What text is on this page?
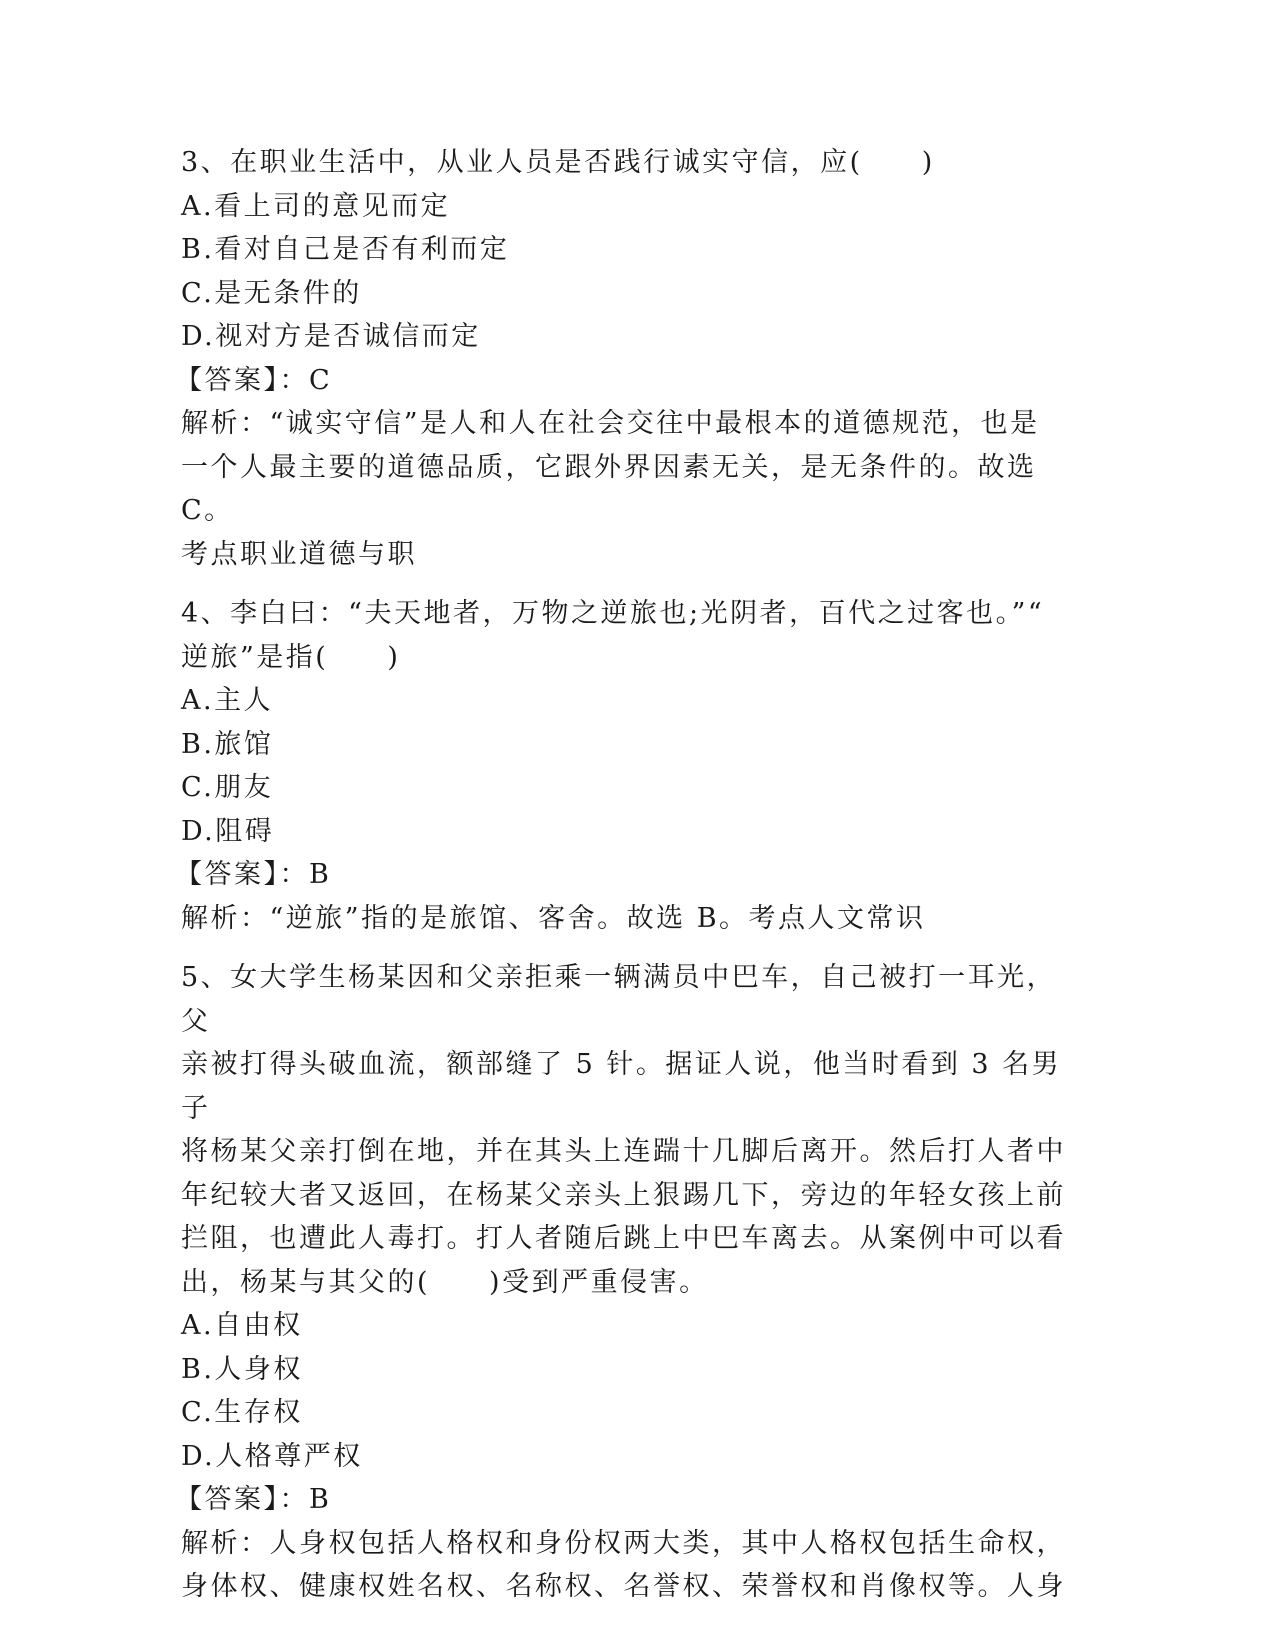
3、在职业生活中，从业人员是否践行诚实守信，应(　　)

A.看上司的意见而定

B.看对自己是否有利而定

C.是无条件的

D.视对方是否诚信而定

【答案】：C

解析：“诚实守信”是人和人在社会交往中最根本的道德规范，也是

一个人最主要的道德品质，它跟外界因素无关，是无条件的。故选 C。

考点职业道德与职

4、李白曰：“夫天地者，万物之逆旅也;光阴者，百代之过客也。”“

逆旅”是指(　　)

A.主人

B.旅馆

C.朋友

D.阻碍

【答案】：B

解析：“逆旅”指的是旅馆、客舍。故选 B。考点人文常识

5、女大学生杨某因和父亲拒乘一辆满员中巴车，自己被打一耳光，父

亲被打得头破血流，额部缝了 5 针。据证人说，他当时看到 3 名男子

将杨某父亲打倒在地，并在其头上连踹十几脚后离开。然后打人者中

年纪较大者又返回，在杨某父亲头上狠踢几下，旁边的年轻女孩上前

拦阻，也遭此人毒打。打人者随后跳上中巴车离去。从案例中可以看

出，杨某与其父的(　　)受到严重侵害。

A.自由权

B.人身权

C.生存权

D.人格尊严权

【答案】：B

解析：人身权包括人格权和身份权两大类，其中人格权包括生命权，

身体权、健康权姓名权、名称权、名誉权、荣誉权和肖像权等。人身
